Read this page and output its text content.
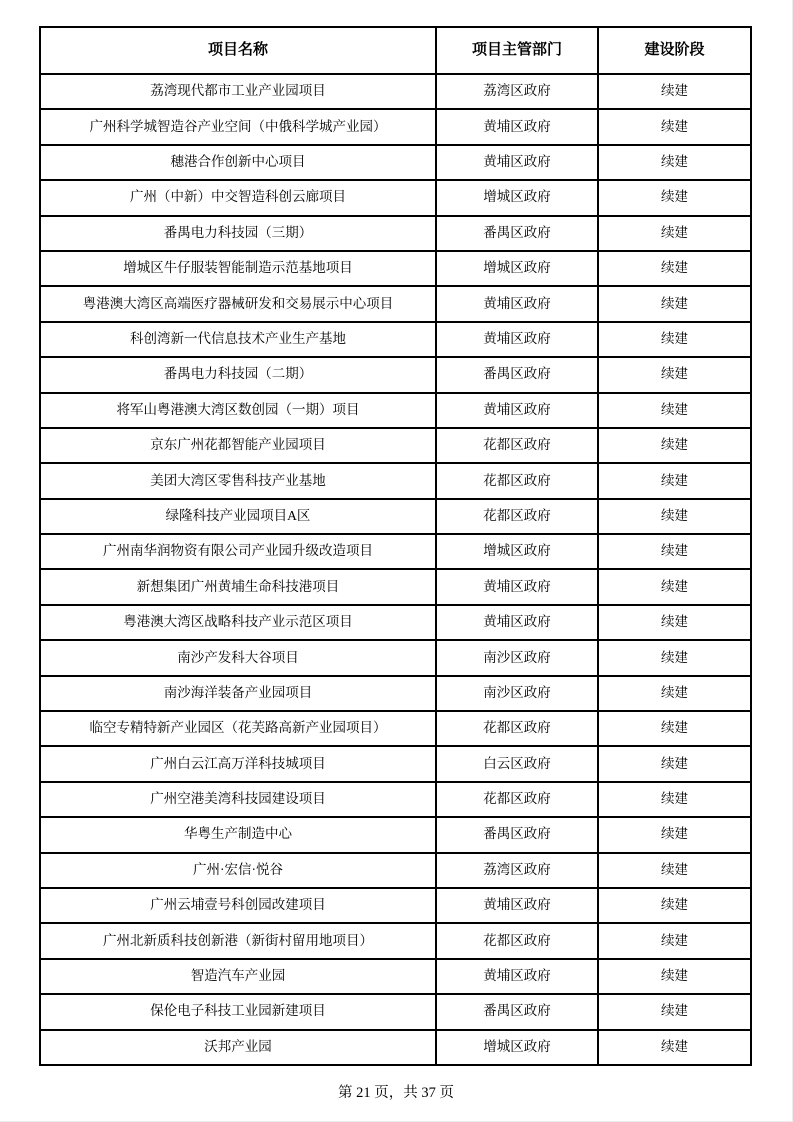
项目名称	项目主管部门	建设阶段
荔湾现代都市工业产业园项目	荔湾区政府	续建
广州科学城智造谷产业空间（中俄科学城产业园）	黄埔区政府	续建
穗港合作创新中心项目	黄埔区政府	续建
广州（中新）中交智造科创云廊项目	增城区政府	续建
番禺电力科技园（三期）	番禺区政府	续建
增城区牛仔服装智能制造示范基地项目	增城区政府	续建
粤港澳大湾区高端医疗器械研发和交易展示中心项目	黄埔区政府	续建
科创湾新一代信息技术产业生产基地	黄埔区政府	续建
番禺电力科技园（二期）	番禺区政府	续建
将军山粤港澳大湾区数创园（一期）项目	黄埔区政府	续建
京东广州花都智能产业园项目	花都区政府	续建
美团大湾区零售科技产业基地	花都区政府	续建
绿隆科技产业园项目A区	花都区政府	续建
广州南华润物资有限公司产业园升级改造项目	增城区政府	续建
新想集团广州黄埔生命科技港项目	黄埔区政府	续建
粤港澳大湾区战略科技产业示范区项目	黄埔区政府	续建
南沙产发科大谷项目	南沙区政府	续建
南沙海洋装备产业园项目	南沙区政府	续建
临空专精特新产业园区（花芙路高新产业园项目）	花都区政府	续建
广州白云江高万洋科技城项目	白云区政府	续建
广州空港美湾科技园建设项目	花都区政府	续建
华粤生产制造中心	番禺区政府	续建
广州·宏信·悦谷	荔湾区政府	续建
广州云埔壹号科创园改建项目	黄埔区政府	续建
广州北新质科技创新港（新街村留用地项目）	花都区政府	续建
智造汽车产业园	黄埔区政府	续建
保伦电子科技工业园新建项目	番禺区政府	续建
沃邦产业园	增城区政府	续建
第 21 页，共 37 页
